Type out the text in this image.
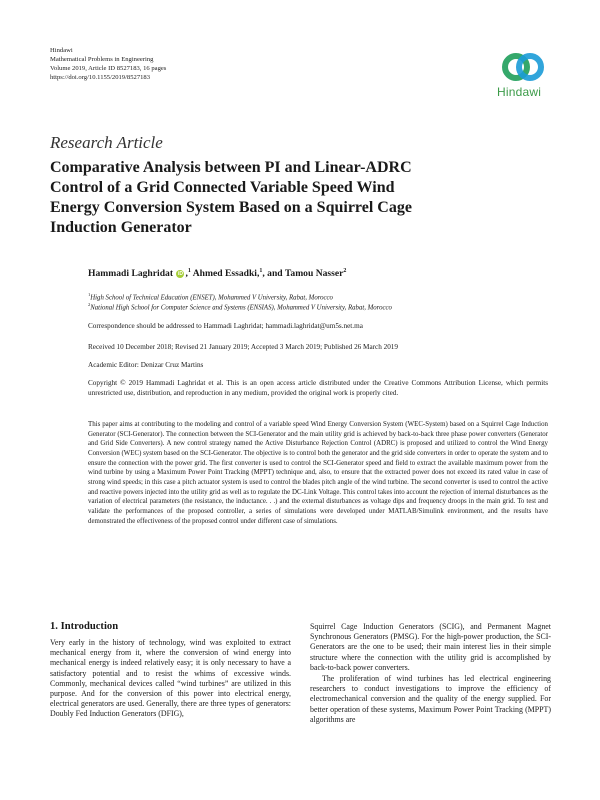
Hindawi
Mathematical Problems in Engineering
Volume 2019, Article ID 8527183, 16 pages
https://doi.org/10.1155/2019/8527183
Hindawi
Research Article
Comparative Analysis between PI and Linear-ADRC
Control of a Grid Connected Variable Speed Wind
Energy Conversion System Based on a Squirrel Cage
Induction Generator
Hammadi Laghridat iD ,$^1$ Ahmed Essadki,$^1$, and Tamou Nasser$^2$
$^1$High School of Technical Education (ENSET), Mohammed V University, Rabat, Morocco
$^2$National High School for Computer Science and Systems (ENSIAS), Mohammed V University, Rabat, Morocco
Correspondence should be addressed to Hammadi Laghridat; hammadi.laghridat@um5s.net.ma
Received 10 December 2018; Revised 21 January 2019; Accepted 3 March 2019; Published 26 March 2019
Academic Editor: Denizar Cruz Martins
Copyright © 2019 Hammadi Laghridat et al. This is an open access article distributed under the Creative Commons Attribution License, which permits unrestricted use, distribution, and reproduction in any medium, provided the original work is properly cited.
This paper aims at contributing to the modeling and control of a variable speed Wind Energy Conversion System (WEC-System) based on a Squirrel Cage Induction Generator (SCI-Generator). The connection between the SCI-Generator and the main utility grid is achieved by back-to-back three phase power converters (Generator and Grid Side Converters). A new control strategy named the Active Disturbance Rejection Control (ADRC) is proposed and utilized to control the Wind Energy Conversion (WEC) system based on the SCI-Generator. The objective is to control both the generator and the grid side converters in order to operate the system and to ensure the connection with the power grid. The first converter is used to control the SCI-Generator speed and field to extract the available maximum power from the wind turbine by using a Maximum Power Point Tracking (MPPT) technique and, also, to ensure that the extracted power does not exceed its rated value in case of strong wind speeds; in this case a pitch actuator system is used to control the blades pitch angle of the wind turbine. The second converter is used to control the active and reactive powers injected into the utility grid as well as to regulate the DC-Link Voltage. This control takes into account the rejection of internal disturbances as the variation of electrical parameters (the resistance, the inductance. . .) and the external disturbances as voltage dips and frequency droops in the main grid. To test and validate the performances of the proposed controller, a series of simulations were developed under MATLAB/Simulink environment, and the results have demonstrated the effectiveness of the proposed control under different case of simulations.
1. Introduction

Very early in the history of technology, wind was exploited to extract mechanical energy from it, where the conversion of wind energy into mechanical energy is indeed relatively easy; it is only necessary to have a satisfactory potential and to resist the whims of excessive winds. Commonly, mechanical devices called “wind turbines” are utilized in this purpose. And for the conversion of this power into electrical energy, electrical generators are used. Generally, there are three types of generators: Doubly Fed Induction Generators (DFIG),

Squirrel Cage Induction Generators (SCIG), and Permanent Magnet Synchronous Generators (PMSG). For the high-power production, the SCI-Generators are the one to be used; their main interest lies in their simple structure where the connection with the utility grid is accomplished by back-to-back power converters.

The proliferation of wind turbines has led electrical engineering researchers to conduct investigations to improve the efficiency of electromechanical conversion and the quality of the energy supplied. For better operation of these systems, Maximum Power Point Tracking (MPPT) algorithms are
